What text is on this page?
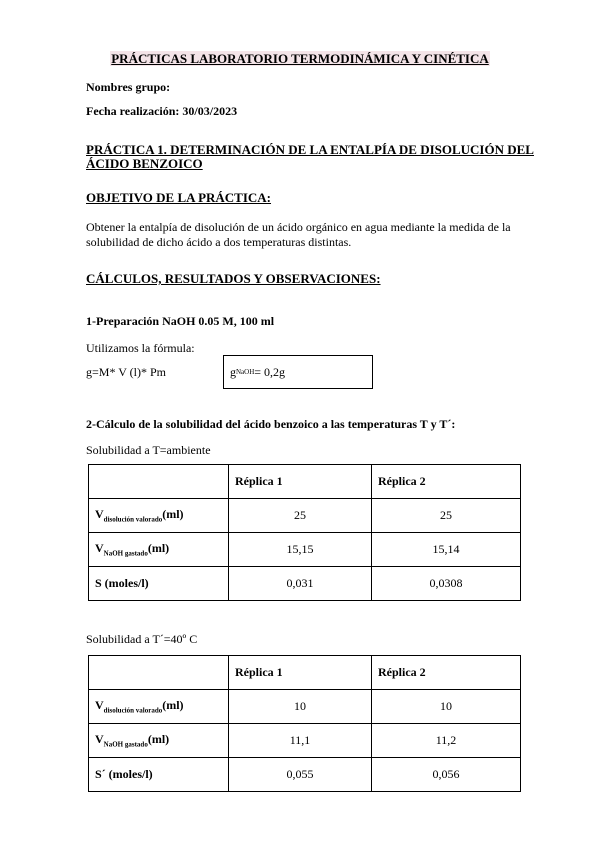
PRÁCTICAS LABORATORIO TERMODINÁMICA Y CINÉTICA
Nombres grupo:
Fecha realización: 30/03/2023
PRÁCTICA 1. DETERMINACIÓN DE LA ENTALPÍA DE DISOLUCIÓN DEL
ÁCIDO BENZOICO
OBJETIVO DE LA PRÁCTICA:
Obtener la entalpía de disolución de un ácido orgánico en agua mediante la medida de la
solubilidad de dicho ácido a dos temperaturas distintas.
CÁLCULOS, RESULTADOS Y OBSERVACIONES:
1-Preparación NaOH 0.05 M, 100 ml
Utilizamos la fórmula:
g=M* V (l)* Pm	g NaOH = 0,2g
2-Cálculo de la solubilidad del ácido benzoico a las temperaturas T y T´:
Solubilidad a T=ambiente
	Réplica 1	Réplica 2
$V_{disolución valorado}(ml)$	25	25
$V_{NaOH gastado}(ml)$	15,15	15,14
S (moles/l)	0,031	0,0308
Solubilidad a T´=40º C
	Réplica 1	Réplica 2
$V_{disolución valorado}(ml)$	10	10
$V_{NaOH gastado}(ml)$	11,1	11,2
S´ (moles/l)	0,055	0,056
